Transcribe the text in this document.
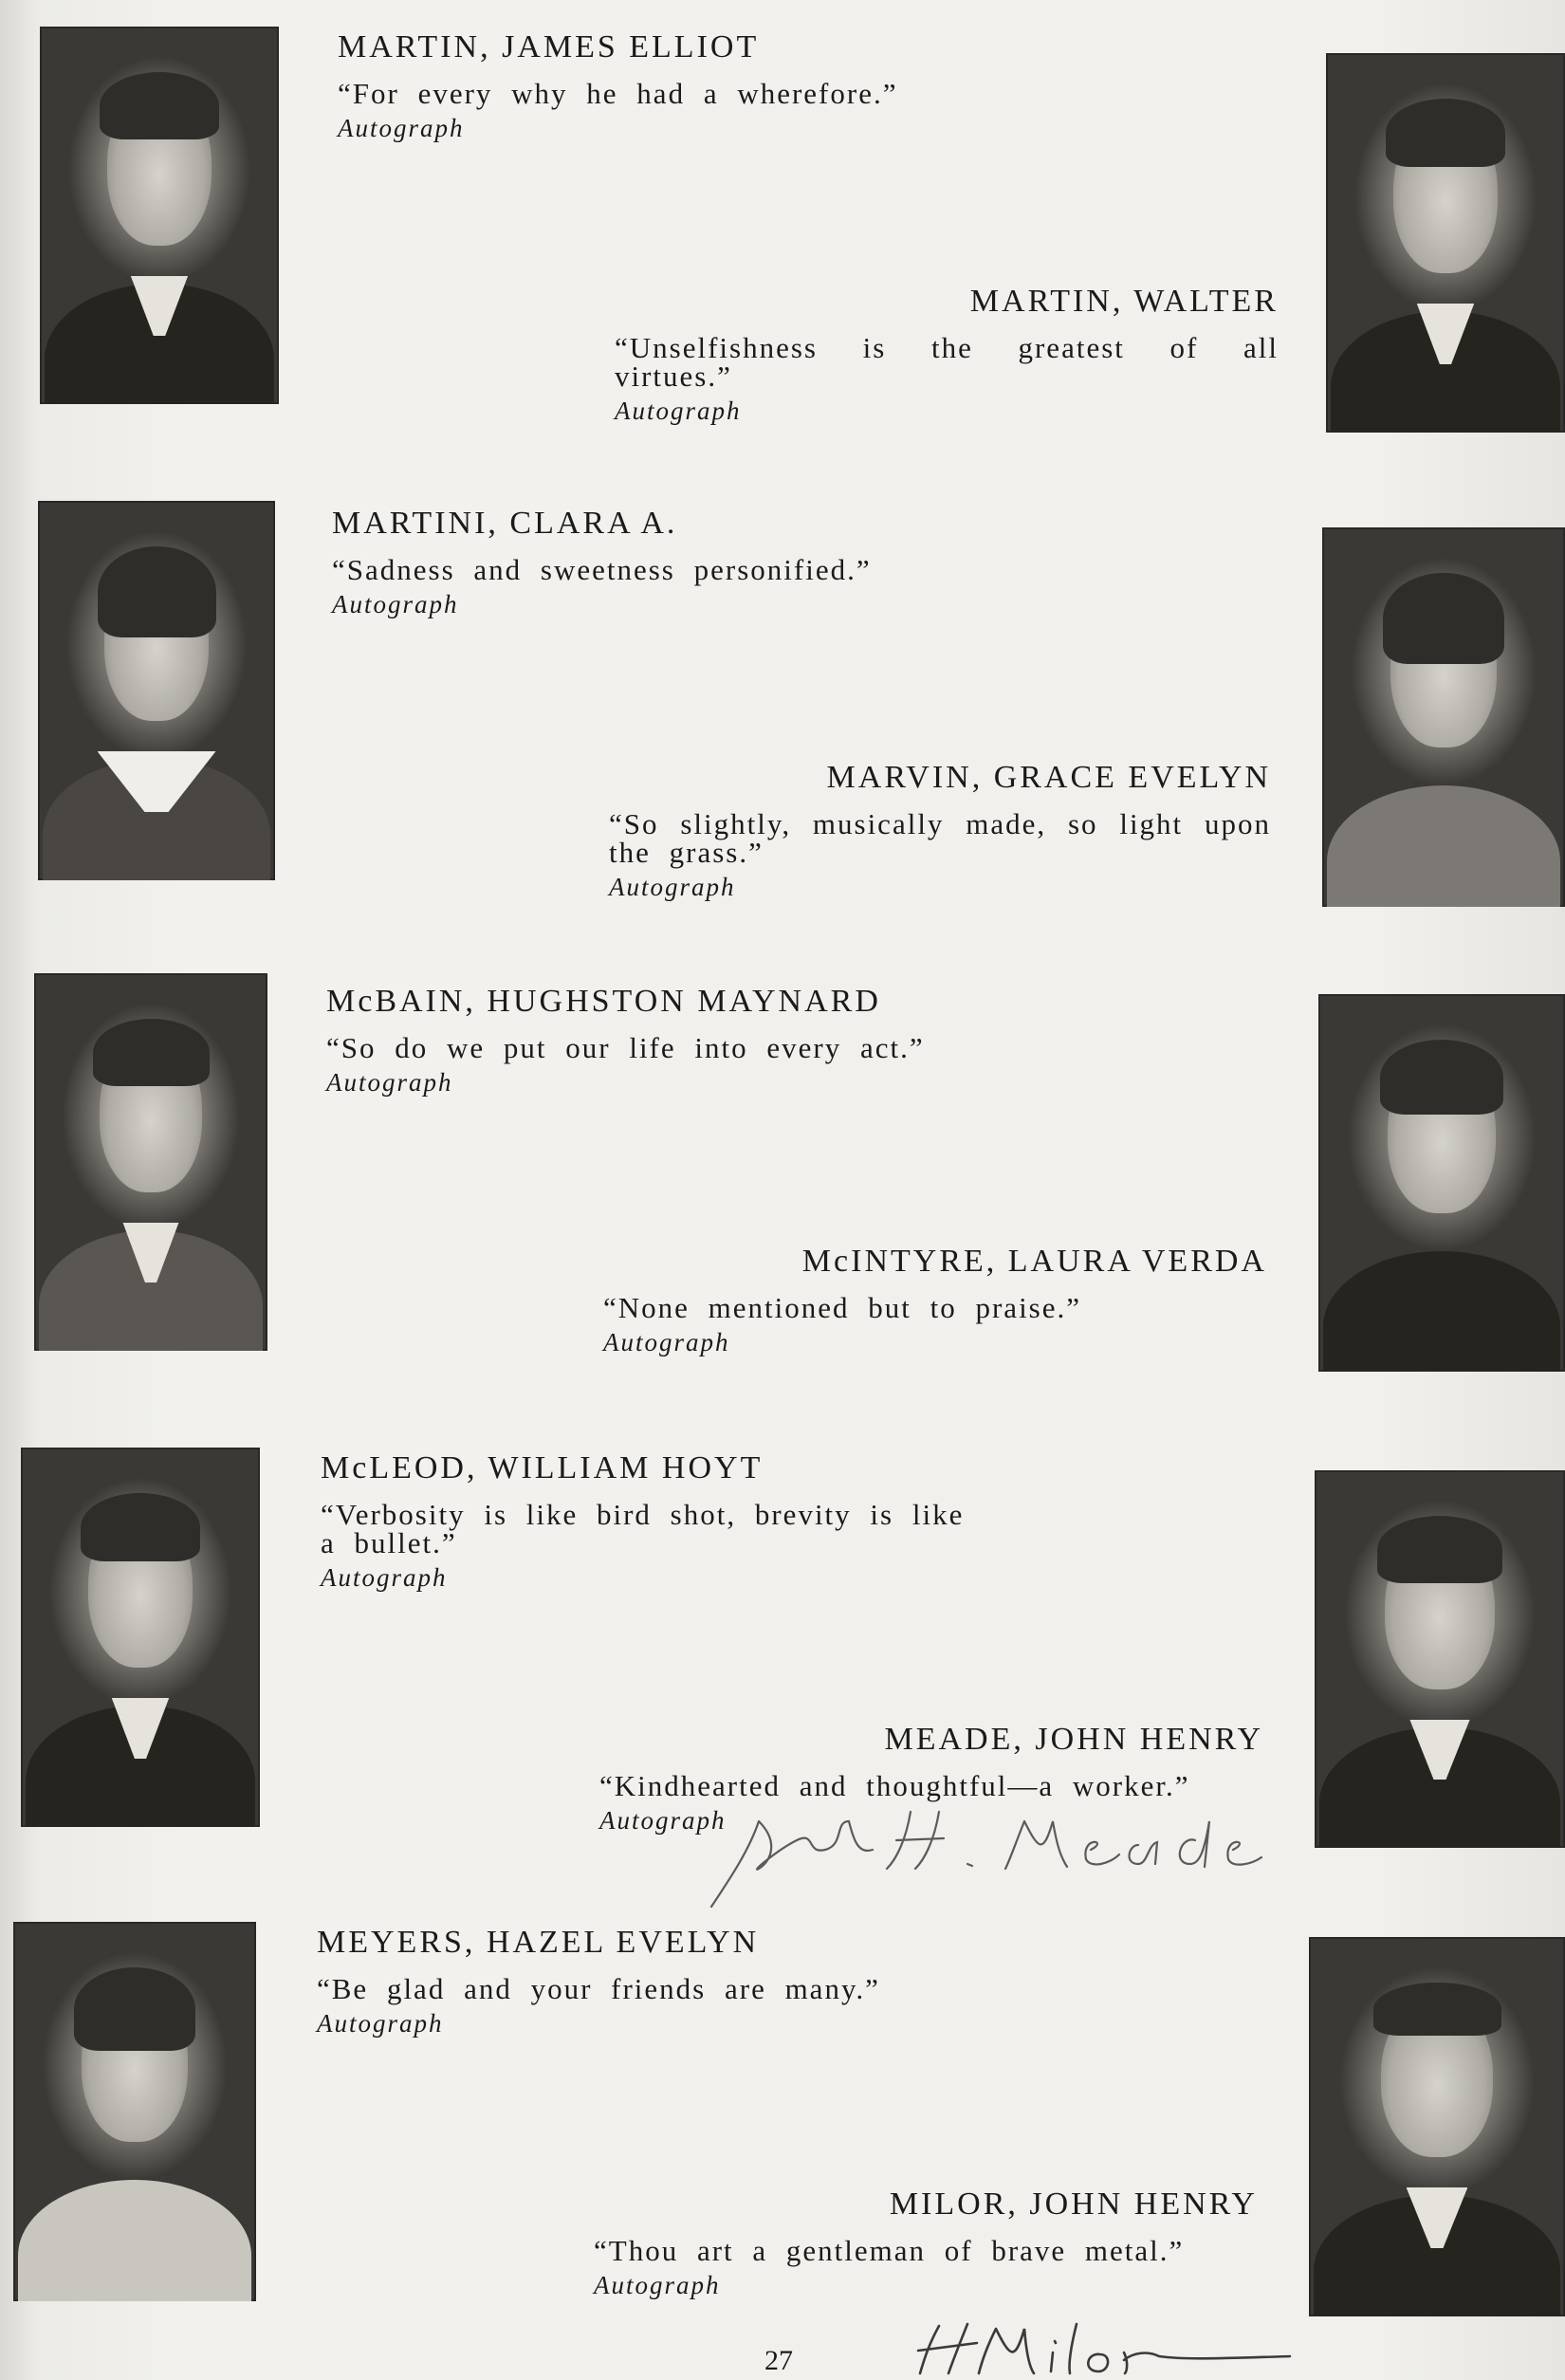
MARTIN, JAMES ELLIOT
“For every why he had a wherefore.”
Autograph
MARTIN, WALTER
“Unselfishness is the greatest of all virtues.”
Autograph
MARTINI, CLARA A.
“Sadness and sweetness personified.”
Autograph
MARVIN, GRACE EVELYN
“So slightly, musically made, so light upon the grass.”
Autograph
McBAIN, HUGHSTON MAYNARD
“So do we put our life into every act.”
Autograph
McINTYRE, LAURA VERDA
“None mentioned but to praise.”
Autograph
McLEOD, WILLIAM HOYT
“Verbosity is like bird shot, brevity is like a bullet.”
Autograph
MEADE, JOHN HENRY
“Kindhearted and thoughtful—a worker.”
Autograph
MEYERS, HAZEL EVELYN
“Be glad and your friends are many.”
Autograph
MILOR, JOHN HENRY
“Thou art a gentleman of brave metal.”
Autograph
27
